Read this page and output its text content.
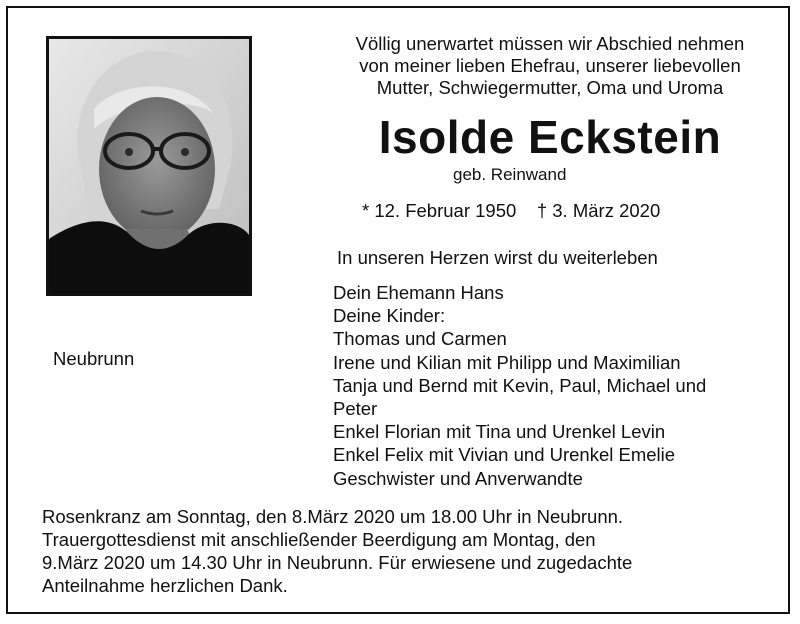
Völlig unerwartet müssen wir Abschied nehmen
von meiner lieben Ehefrau, unserer liebevollen
Mutter, Schwiegermutter, Oma und Uroma
Isolde Eckstein
geb. Reinwand
* 12. Februar 1950 † 3. März 2020
In unseren Herzen wirst du weiterleben
Neubrunn
Dein Ehemann Hans
Deine Kinder:
Thomas und Carmen
Irene und Kilian mit Philipp und Maximilian
Tanja und Bernd mit Kevin, Paul, Michael und
Peter
Enkel Florian mit Tina und Urenkel Levin
Enkel Felix mit Vivian und Urenkel Emelie
Geschwister und Anverwandte
Rosenkranz am Sonntag, den 8.März 2020 um 18.00 Uhr in Neubrunn.
Trauergottesdienst mit anschließender Beerdigung am Montag, den
9.März 2020 um 14.30 Uhr in Neubrunn. Für erwiesene und zugedachte
Anteilnahme herzlichen Dank.
